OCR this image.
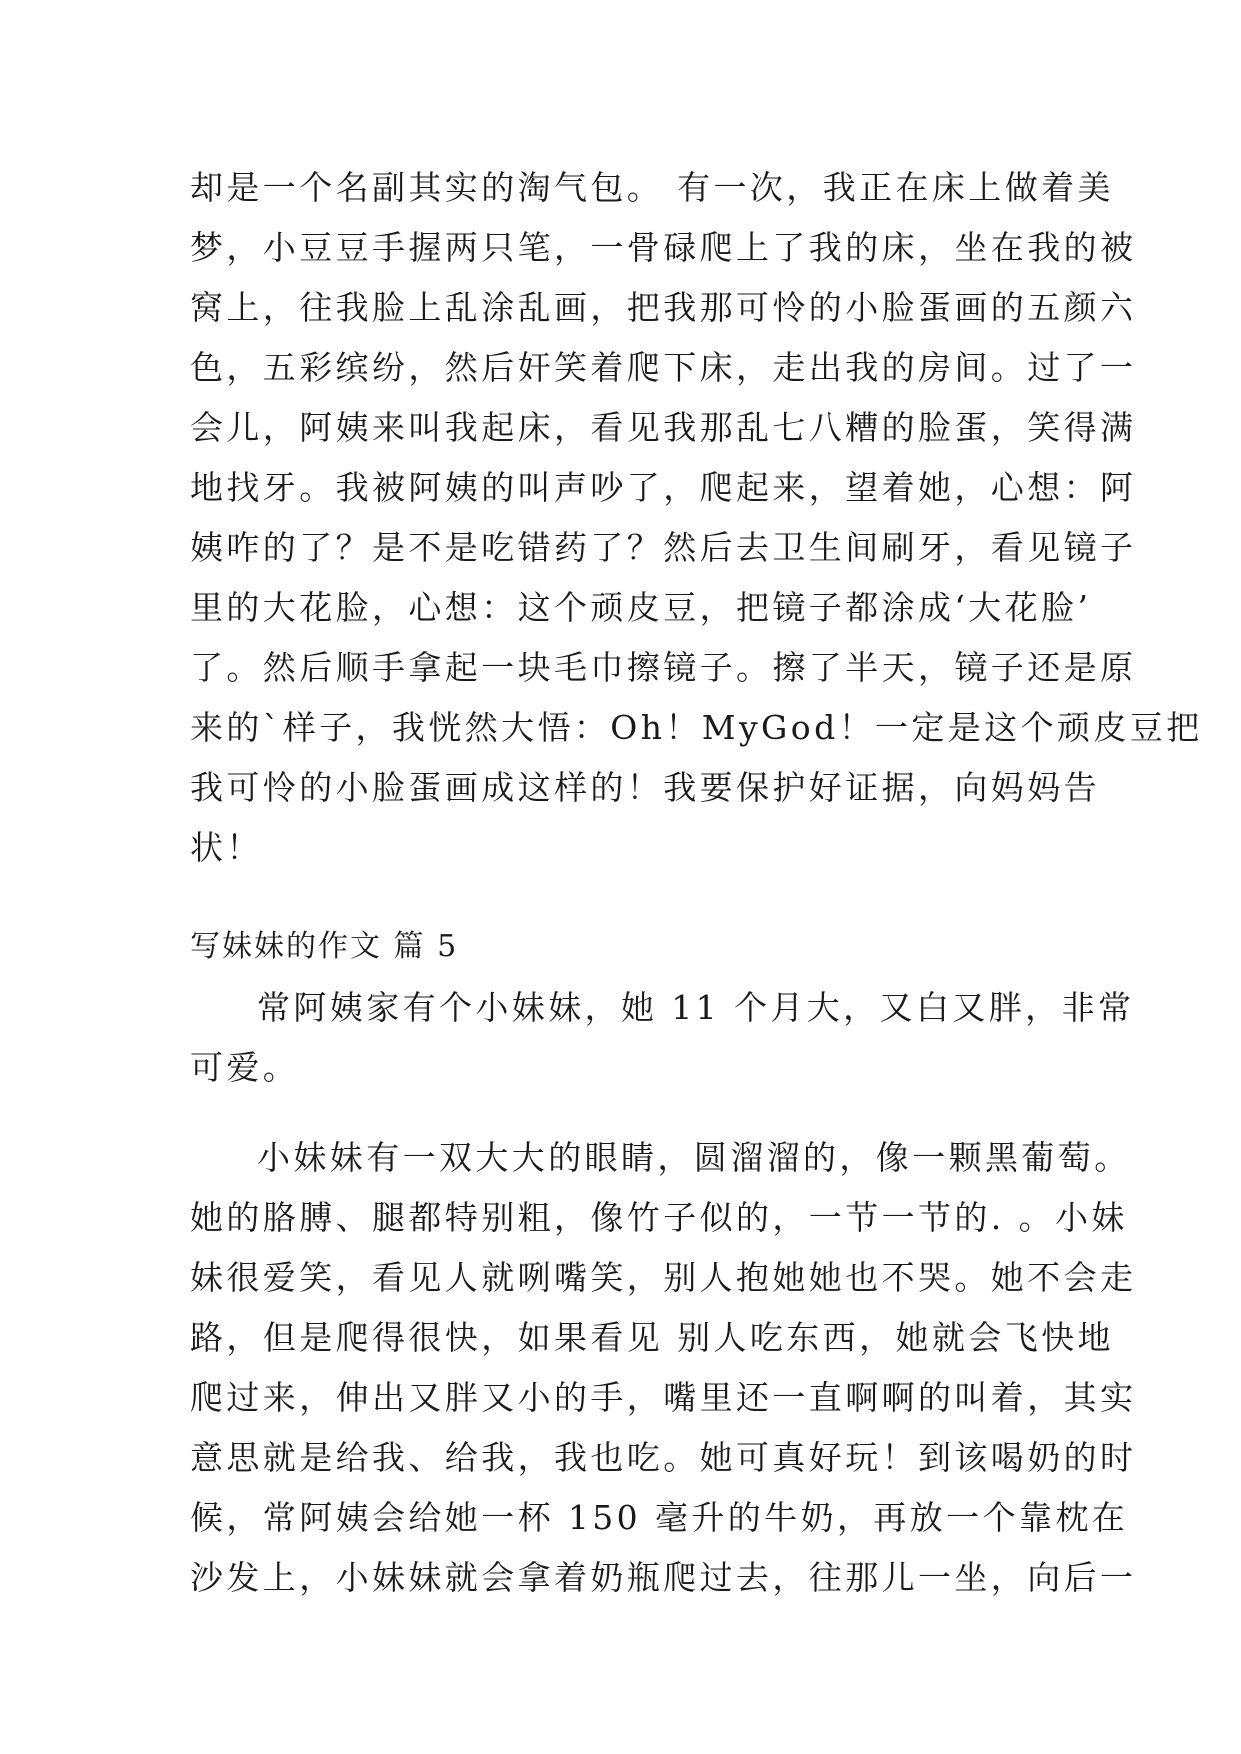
却是一个名副其实的淘气包。 有一次，我正在床上做着美
梦，小豆豆手握两只笔，一骨碌爬上了我的床，坐在我的被
窝上，往我脸上乱涂乱画，把我那可怜的小脸蛋画的五颜六
色，五彩缤纷，然后奸笑着爬下床，走出我的房间。过了一
会儿，阿姨来叫我起床，看见我那乱七八糟的脸蛋，笑得满
地找牙。我被阿姨的叫声吵了，爬起来，望着她，心想：阿
姨咋的了？是不是吃错药了？然后去卫生间刷牙，看见镜子
里的大花脸，心想：这个顽皮豆，把镜子都涂成‘大花脸’
了。然后顺手拿起一块毛巾擦镜子。擦了半天，镜子还是原
来的`样子，我恍然大悟：Oh！MyGod！一定是这个顽皮豆把
我可怜的小脸蛋画成这样的！我要保护好证据，向妈妈告
状！
写妹妹的作文 篇 5
常阿姨家有个小妹妹，她 11 个月大，又白又胖，非常
可爱。
小妹妹有一双大大的眼睛，圆溜溜的，像一颗黑葡萄。
她的胳膊、腿都特别粗，像竹子似的，一节一节的. 。小妹
妹很爱笑，看见人就咧嘴笑，别人抱她她也不哭。她不会走
路，但是爬得很快，如果看见 别人吃东西，她就会飞快地
爬过来，伸出又胖又小的手，嘴里还一直啊啊的叫着，其实
意思就是给我、给我，我也吃。她可真好玩！到该喝奶的时
候，常阿姨会给她一杯 150 毫升的牛奶，再放一个靠枕在
沙发上，小妹妹就会拿着奶瓶爬过去，往那儿一坐，向后一
